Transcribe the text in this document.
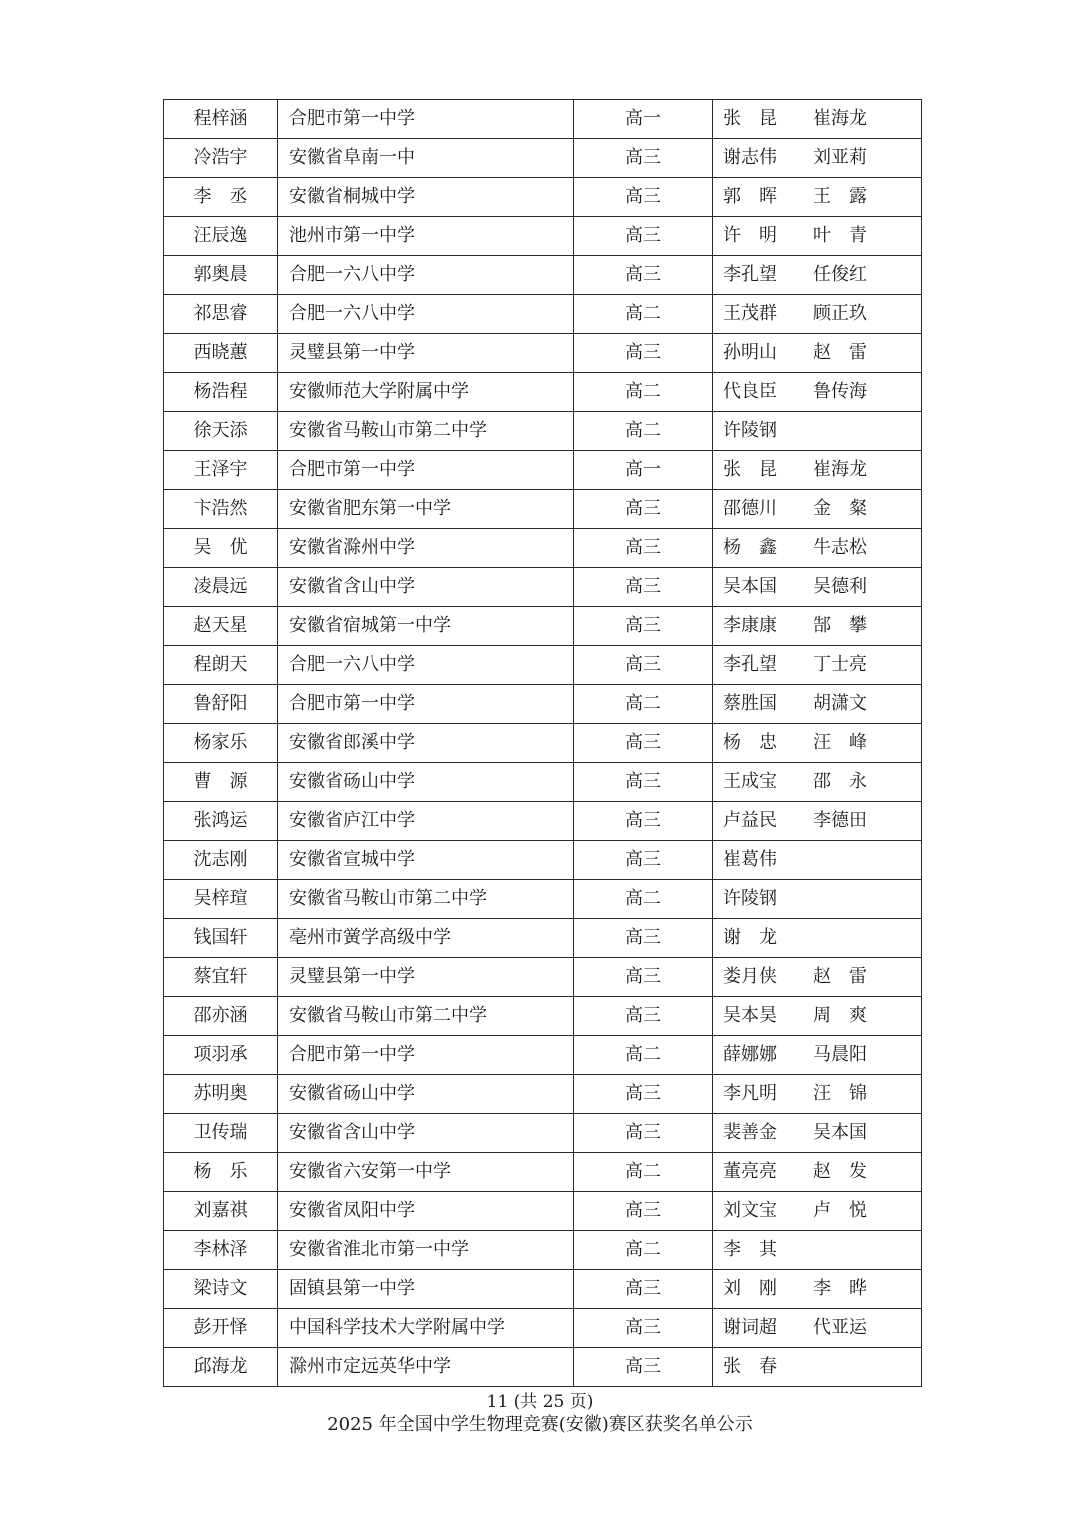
程梓涵	合肥市第一中学	高一	张　昆 崔海龙
冷浩宇	安徽省阜南一中	高三	谢志伟 刘亚莉
李　丞	安徽省桐城中学	高三	郭　晖 王　露
汪辰逸	池州市第一中学	高三	许　明 叶　青
郭奥晨	合肥一六八中学	高三	李孔望 任俊红
祁思睿	合肥一六八中学	高二	王茂群 顾正玖
西晓蕙	灵璧县第一中学	高三	孙明山 赵　雷
杨浩程	安徽师范大学附属中学	高二	代良臣 鲁传海
徐天添	安徽省马鞍山市第二中学	高二	许陵钢
王泽宇	合肥市第一中学	高一	张　昆 崔海龙
卞浩然	安徽省肥东第一中学	高三	邵德川 金　粲
吴　优	安徽省滁州中学	高三	杨　鑫 牛志松
凌晨远	安徽省含山中学	高三	吴本国 吴德利
赵天星	安徽省宿城第一中学	高三	李康康 郜　攀
程朗天	合肥一六八中学	高三	李孔望 丁士亮
鲁舒阳	合肥市第一中学	高二	蔡胜国 胡潇文
杨家乐	安徽省郎溪中学	高三	杨　忠 汪　峰
曹　源	安徽省砀山中学	高三	王成宝 邵　永
张鸿运	安徽省庐江中学	高三	卢益民 李德田
沈志刚	安徽省宣城中学	高三	崔葛伟
吴梓瑄	安徽省马鞍山市第二中学	高二	许陵钢
钱国轩	亳州市黉学高级中学	高三	谢　龙
蔡宜轩	灵璧县第一中学	高三	娄月侠 赵　雷
邵亦涵	安徽省马鞍山市第二中学	高三	吴本昊 周　爽
项羽承	合肥市第一中学	高二	薛娜娜 马晨阳
苏明奥	安徽省砀山中学	高三	李凡明 汪　锦
卫传瑞	安徽省含山中学	高三	裴善金 吴本国
杨　乐	安徽省六安第一中学	高二	董亮亮 赵　发
刘嘉祺	安徽省凤阳中学	高三	刘文宝 卢　悦
李林泽	安徽省淮北市第一中学	高二	李　其
梁诗文	固镇县第一中学	高三	刘　刚 李　晔
彭开怿	中国科学技术大学附属中学	高三	谢词超 代亚运
邱海龙	滁州市定远英华中学	高三	张　春
11 (共 25 页)
2025 年全国中学生物理竞赛(安徽)赛区获奖名单公示
